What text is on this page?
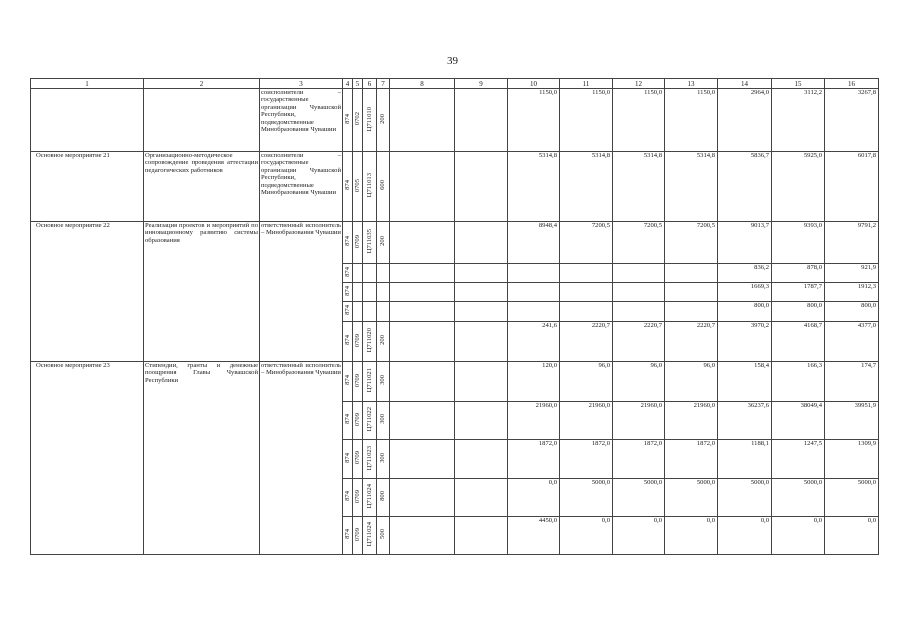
39
1	2	3	4	5	6	7	8	9	10	11	12	13	14	15	16
		соисполнители – государственные организации Чувашской Республики, подведомственные Минобразования Чувашии	874	0702	Ц711010	200			1150,0	1150,0	1150,0	1150,0	2964,0	3112,2	3267,8
Основное мероприятие 21	Организационно-методическое сопровождение проведения аттестации педагогических работников	соисполнители – государственные организации Чувашской Республики, подведомственные Минобразования Чувашии	874	0705	Ц711013	600			5314,8	5314,8	5314,8	5314,8	5836,7	5925,0	6017,8
Основное мероприятие 22	Реализация проектов и мероприятий по инновационному развитию системы образования	ответственный исполнитель – Минобразования Чувашии	874	0709	Ц711035	200			8948,4	7200,5	7200,5	7200,5	9013,7	9393,0	9791,2
			874										836,2	878,0	921,9
			874										1669,3	1787,7	1912,3
			874										800,0	800,0	800,0
			874	0709	Ц711020	200			241,6	2220,7	2220,7	2220,7	3970,2	4168,7	4377,0
Основное мероприятие 23	Стипендии, гранты и денежные поощрения Главы Чувашской Республики	ответственный исполнитель – Минобразования Чувашии	874	0709	Ц711021	300			120,0	96,0	96,0	96,0	158,4	166,3	174,7
			874	0709	Ц711022	300			21960,0	21960,0	21960,0	21960,0	36237,6	38049,4	39951,9
			874	0709	Ц711023	300			1872,0	1872,0	1872,0	1872,0	1188,1	1247,5	1309,9
			874	0709	Ц711024	800			0,0	5000,0	5000,0	5000,0	5000,0	5000,0	5000,0
			874	0709	Ц711024	500			4450,0	0,0	0,0	0,0	0,0	0,0	0,0
